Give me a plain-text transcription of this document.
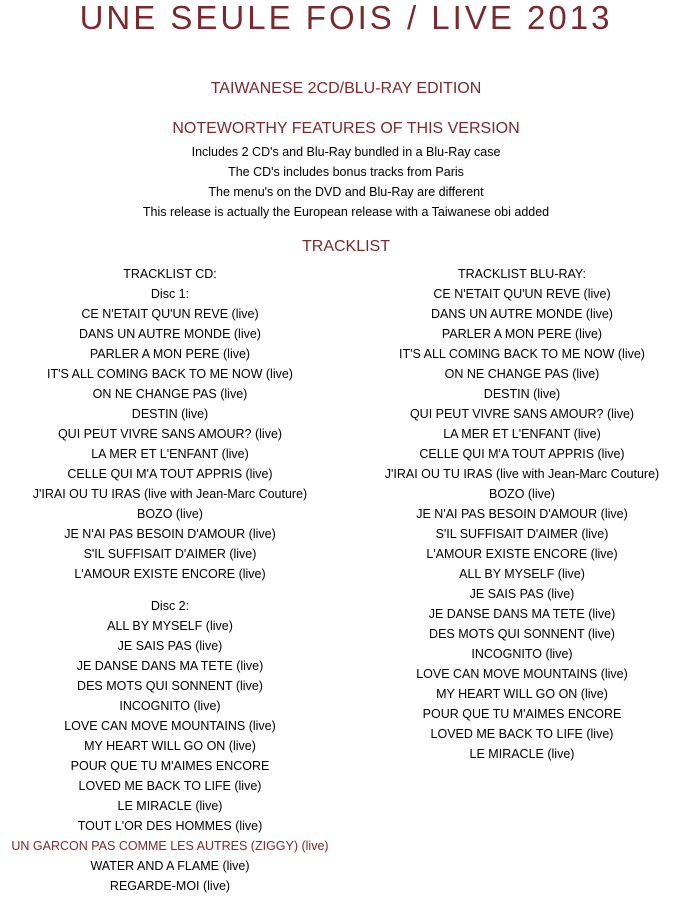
UNE SEULE FOIS / LIVE 2013
TAIWANESE 2CD/BLU-RAY EDITION
NOTEWORTHY FEATURES OF THIS VERSION
Includes 2 CD's and Blu-Ray bundled in a Blu-Ray case
The CD's includes bonus tracks from Paris
The menu's on the DVD and Blu-Ray are different
This release is actually the European release with a Taiwanese obi added
TRACKLIST
TRACKLIST CD:
Disc 1:
CE N'ETAIT QU'UN REVE (live)
DANS UN AUTRE MONDE (live)
PARLER A MON PERE (live)
IT'S ALL COMING BACK TO ME NOW (live)
ON NE CHANGE PAS (live)
DESTIN (live)
QUI PEUT VIVRE SANS AMOUR? (live)
LA MER ET L'ENFANT (live)
CELLE QUI M'A TOUT APPRIS (live)
J'IRAI OU TU IRAS (live with Jean-Marc Couture)
BOZO (live)
JE N'AI PAS BESOIN D'AMOUR (live)
S'IL SUFFISAIT D'AIMER (live)
L'AMOUR EXISTE ENCORE (live)
Disc 2:
ALL BY MYSELF (live)
JE SAIS PAS (live)
JE DANSE DANS MA TETE (live)
DES MOTS QUI SONNENT (live)
INCOGNITO (live)
LOVE CAN MOVE MOUNTAINS (live)
MY HEART WILL GO ON (live)
POUR QUE TU M'AIMES ENCORE
LOVED ME BACK TO LIFE (live)
LE MIRACLE (live)
TOUT L'OR DES HOMMES (live)
UN GARCON PAS COMME LES AUTRES (ZIGGY) (live)
WATER AND A FLAME (live)
REGARDE-MOI (live)
TRACKLIST BLU-RAY:
CE N'ETAIT QU'UN REVE (live)
DANS UN AUTRE MONDE (live)
PARLER A MON PERE (live)
IT'S ALL COMING BACK TO ME NOW (live)
ON NE CHANGE PAS (live)
DESTIN (live)
QUI PEUT VIVRE SANS AMOUR? (live)
LA MER ET L'ENFANT (live)
CELLE QUI M'A TOUT APPRIS (live)
J'IRAI OU TU IRAS (live with Jean-Marc Couture)
BOZO (live)
JE N'AI PAS BESOIN D'AMOUR (live)
S'IL SUFFISAIT D'AIMER (live)
L'AMOUR EXISTE ENCORE (live)
ALL BY MYSELF (live)
JE SAIS PAS (live)
JE DANSE DANS MA TETE (live)
DES MOTS QUI SONNENT (live)
INCOGNITO (live)
LOVE CAN MOVE MOUNTAINS (live)
MY HEART WILL GO ON (live)
POUR QUE TU M'AIMES ENCORE
LOVED ME BACK TO LIFE (live)
LE MIRACLE (live)
